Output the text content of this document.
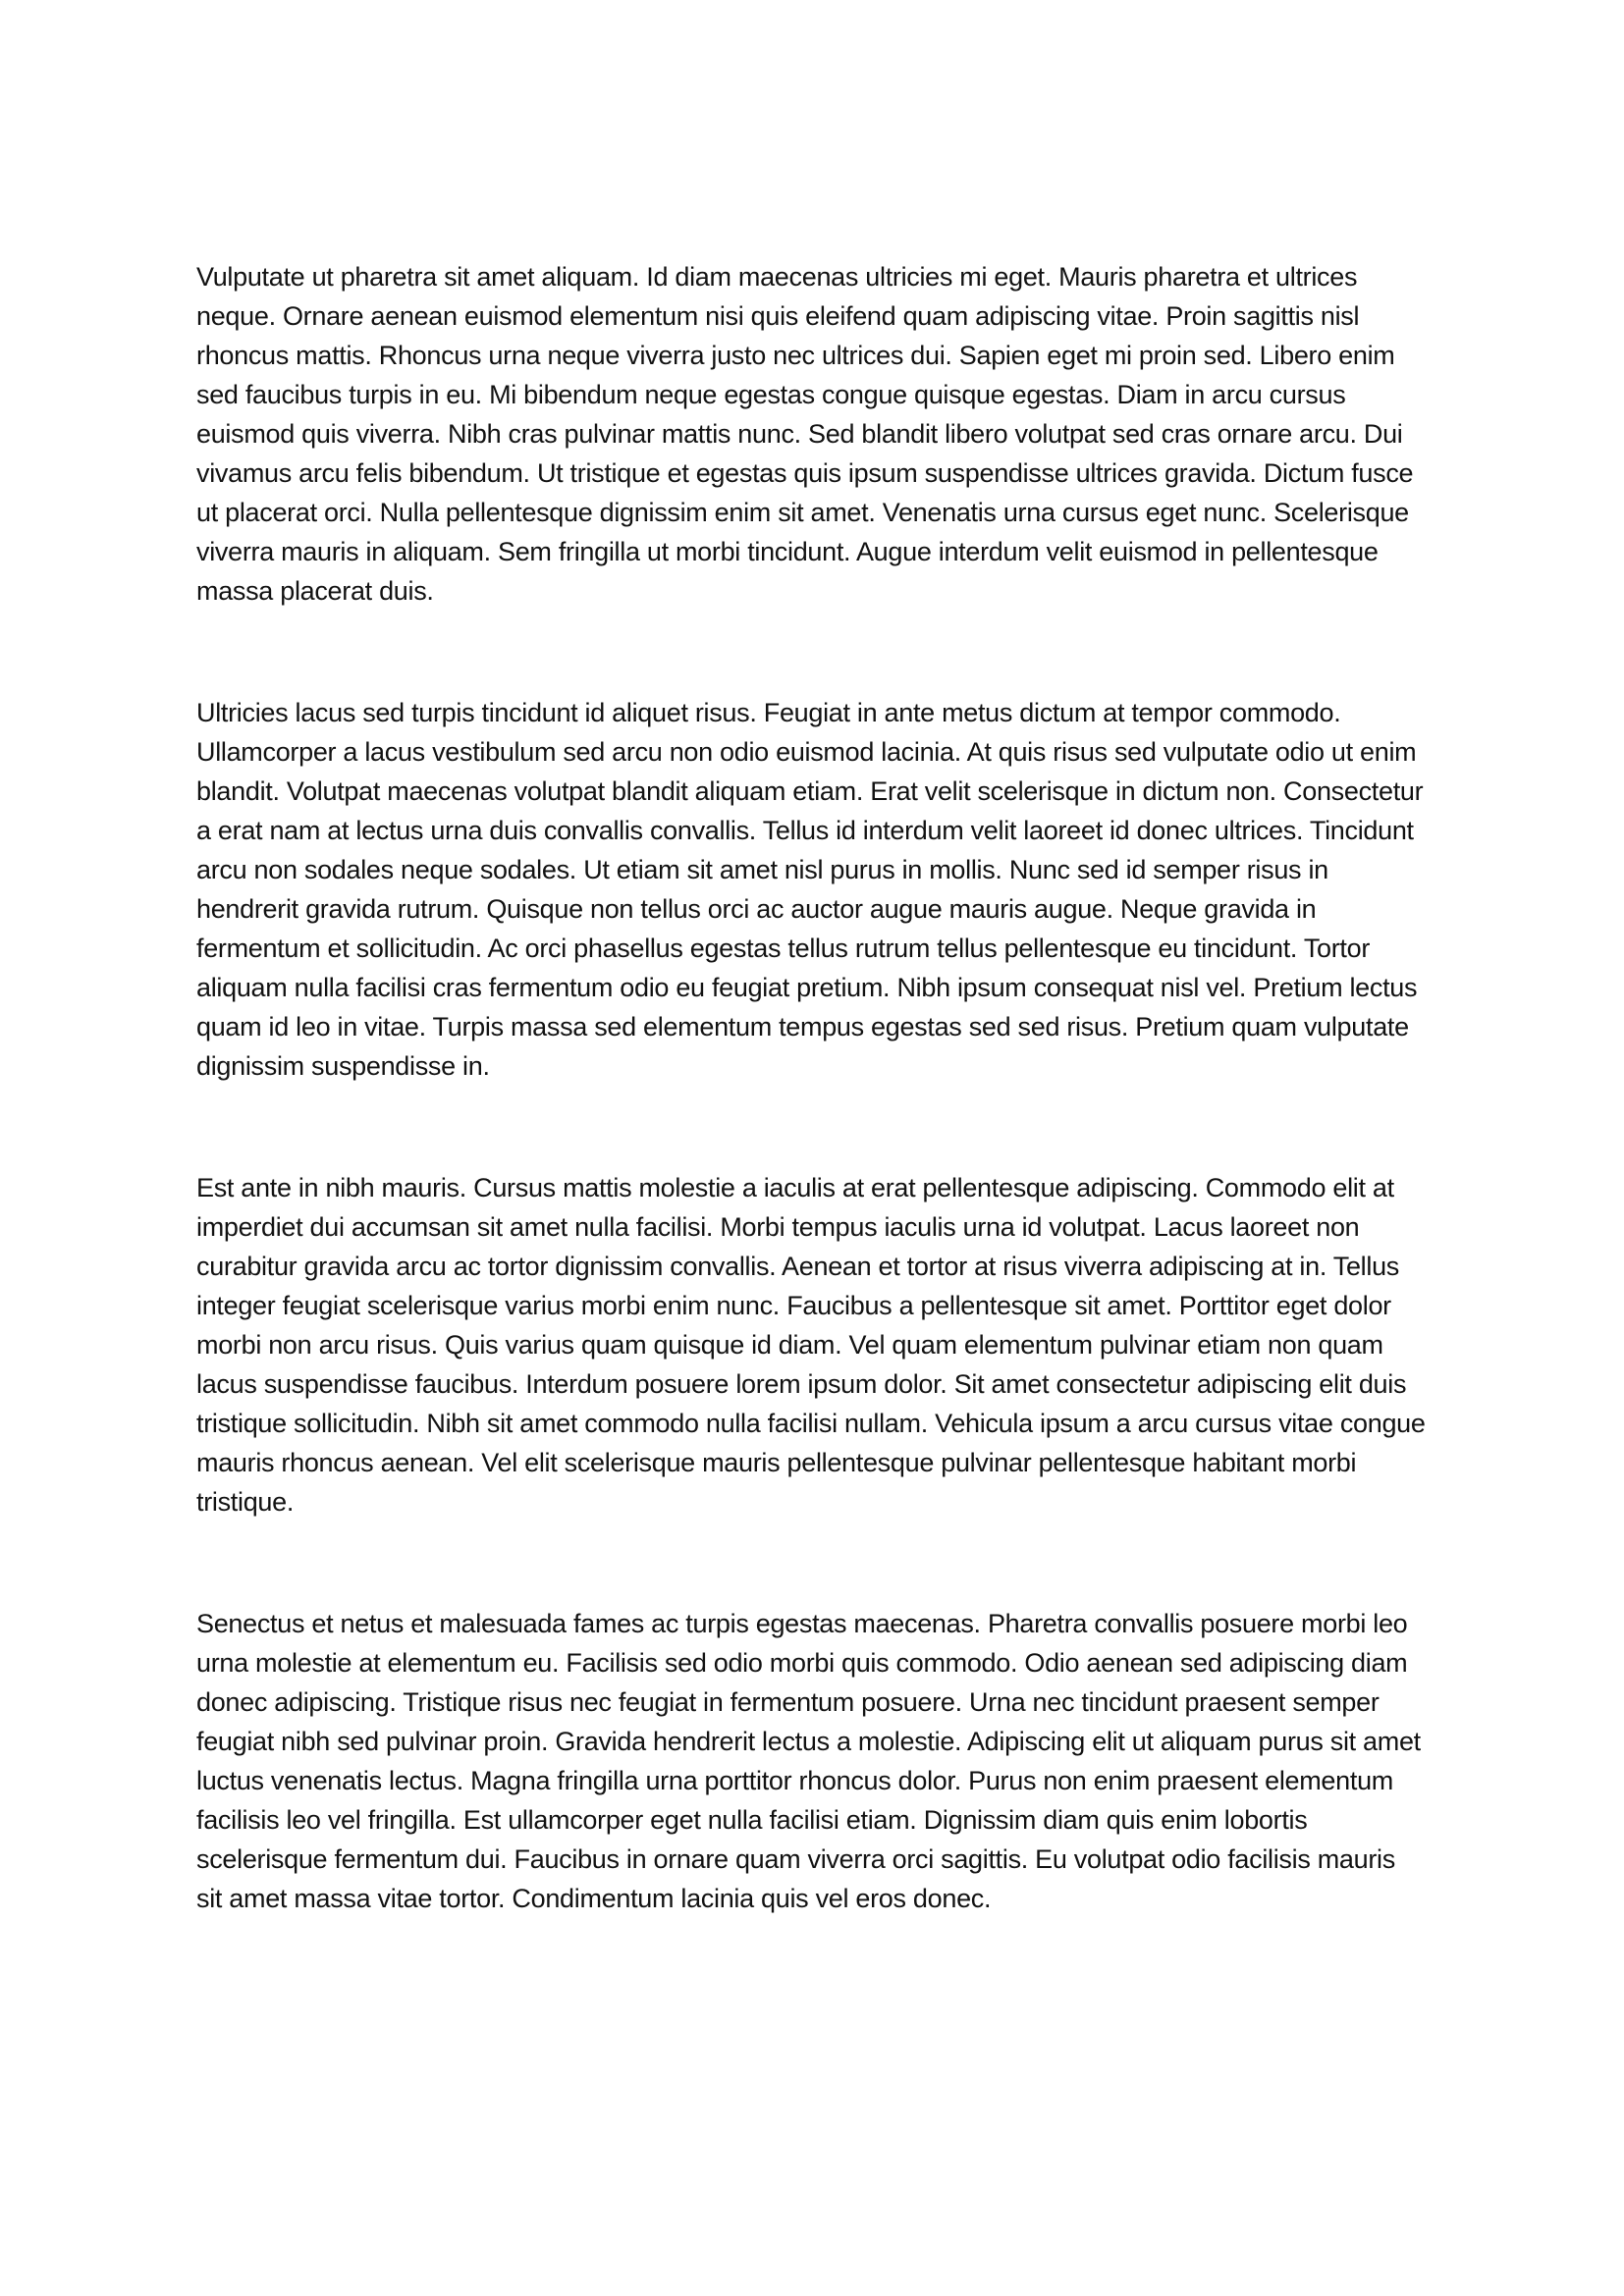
Vulputate ut pharetra sit amet aliquam. Id diam maecenas ultricies mi eget. Mauris pharetra et ultrices neque. Ornare aenean euismod elementum nisi quis eleifend quam adipiscing vitae. Proin sagittis nisl rhoncus mattis. Rhoncus urna neque viverra justo nec ultrices dui. Sapien eget mi proin sed. Libero enim sed faucibus turpis in eu. Mi bibendum neque egestas congue quisque egestas. Diam in arcu cursus euismod quis viverra. Nibh cras pulvinar mattis nunc. Sed blandit libero volutpat sed cras ornare arcu. Dui vivamus arcu felis bibendum. Ut tristique et egestas quis ipsum suspendisse ultrices gravida. Dictum fusce ut placerat orci. Nulla pellentesque dignissim enim sit amet. Venenatis urna cursus eget nunc. Scelerisque viverra mauris in aliquam. Sem fringilla ut morbi tincidunt. Augue interdum velit euismod in pellentesque massa placerat duis.

Ultricies lacus sed turpis tincidunt id aliquet risus. Feugiat in ante metus dictum at tempor commodo. Ullamcorper a lacus vestibulum sed arcu non odio euismod lacinia. At quis risus sed vulputate odio ut enim blandit. Volutpat maecenas volutpat blandit aliquam etiam. Erat velit scelerisque in dictum non. Consectetur a erat nam at lectus urna duis convallis convallis. Tellus id interdum velit laoreet id donec ultrices. Tincidunt arcu non sodales neque sodales. Ut etiam sit amet nisl purus in mollis. Nunc sed id semper risus in hendrerit gravida rutrum. Quisque non tellus orci ac auctor augue mauris augue. Neque gravida in fermentum et sollicitudin. Ac orci phasellus egestas tellus rutrum tellus pellentesque eu tincidunt. Tortor aliquam nulla facilisi cras fermentum odio eu feugiat pretium. Nibh ipsum consequat nisl vel. Pretium lectus quam id leo in vitae. Turpis massa sed elementum tempus egestas sed sed risus. Pretium quam vulputate dignissim suspendisse in.

Est ante in nibh mauris. Cursus mattis molestie a iaculis at erat pellentesque adipiscing. Commodo elit at imperdiet dui accumsan sit amet nulla facilisi. Morbi tempus iaculis urna id volutpat. Lacus laoreet non curabitur gravida arcu ac tortor dignissim convallis. Aenean et tortor at risus viverra adipiscing at in. Tellus integer feugiat scelerisque varius morbi enim nunc. Faucibus a pellentesque sit amet. Porttitor eget dolor morbi non arcu risus. Quis varius quam quisque id diam. Vel quam elementum pulvinar etiam non quam lacus suspendisse faucibus. Interdum posuere lorem ipsum dolor. Sit amet consectetur adipiscing elit duis tristique sollicitudin. Nibh sit amet commodo nulla facilisi nullam. Vehicula ipsum a arcu cursus vitae congue mauris rhoncus aenean. Vel elit scelerisque mauris pellentesque pulvinar pellentesque habitant morbi tristique.

Senectus et netus et malesuada fames ac turpis egestas maecenas. Pharetra convallis posuere morbi leo urna molestie at elementum eu. Facilisis sed odio morbi quis commodo. Odio aenean sed adipiscing diam donec adipiscing. Tristique risus nec feugiat in fermentum posuere. Urna nec tincidunt praesent semper feugiat nibh sed pulvinar proin. Gravida hendrerit lectus a molestie. Adipiscing elit ut aliquam purus sit amet luctus venenatis lectus. Magna fringilla urna porttitor rhoncus dolor. Purus non enim praesent elementum facilisis leo vel fringilla. Est ullamcorper eget nulla facilisi etiam. Dignissim diam quis enim lobortis scelerisque fermentum dui. Faucibus in ornare quam viverra orci sagittis. Eu volutpat odio facilisis mauris sit amet massa vitae tortor. Condimentum lacinia quis vel eros donec.
